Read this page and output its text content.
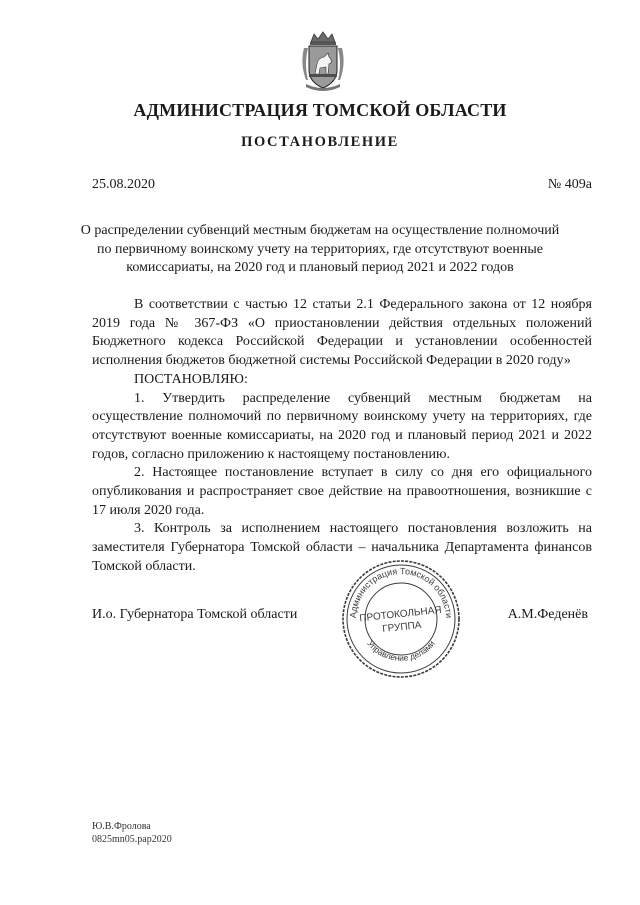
АДМИНИСТРАЦИЯ ТОМСКОЙ ОБЛАСТИ
ПОСТАНОВЛЕНИЕ
25.08.2020	№ 409а
О распределении субвенций местным бюджетам на осуществление полномочий
по первичному воинскому учету на территориях, где отсутствуют военные
комиссариаты, на 2020 год и плановый период 2021 и 2022 годов
В соответствии с частью 12 статьи 2.1 Федерального закона от 12 ноября 2019 года № 367-ФЗ «О приостановлении действия отдельных положений Бюджетного кодекса Российской Федерации и установлении особенностей исполнения бюджетов бюджетной системы Российской Федерации в 2020 году»
ПОСТАНОВЛЯЮ:
1. Утвердить распределение субвенций местным бюджетам на осуществление полномочий по первичному воинскому учету на территориях, где отсутствуют военные комиссариаты, на 2020 год и плановый период 2021 и 2022 годов, согласно приложению к настоящему постановлению.
2. Настоящее постановление вступает в силу со дня его официального опубликования и распространяет свое действие на правоотношения, возникшие с 17 июля 2020 года.
3. Контроль за исполнением настоящего постановления возложить на заместителя Губернатора Томской области – начальника Департамента финансов Томской области.
И.о. Губернатора Томской области	А.М.Феденёв
Администрация Томской области
Управление делами
ПРОТОКОЛЬНАЯ
ГРУППА
Ю.В.Фролова
0825mn05.pap2020
